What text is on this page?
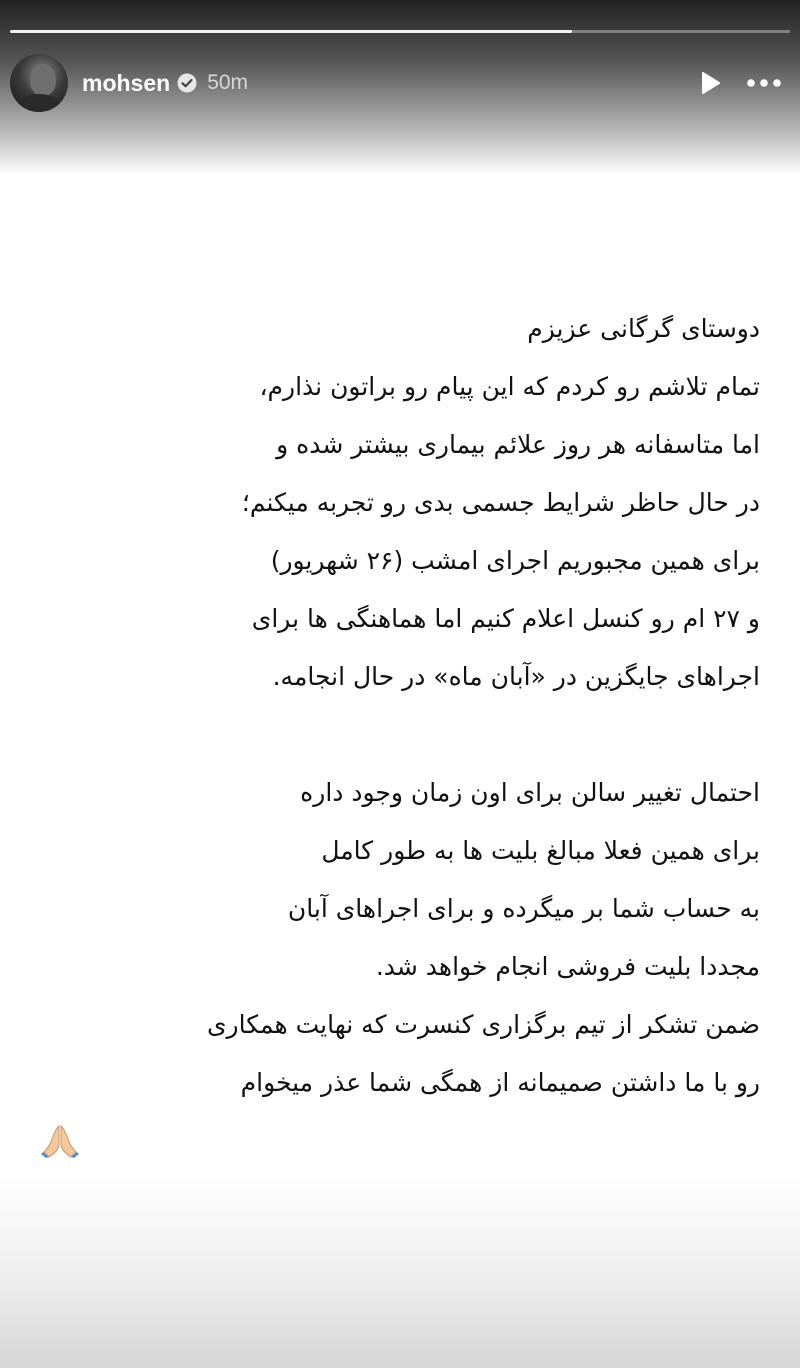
mohsen 50m
دوستای گرگانی عزیزم
تمام تلاشم رو کردم که این پیام رو براتون نذارم،
اما متاسفانه هر روز علائم بیماری بیشتر شده و
در حال حاظر شرایط جسمی بدی رو تجربه میکنم؛
برای همین مجبوریم اجرای امشب (۲۶ شهریور)
و ۲۷ ام رو کنسل اعلام کنیم اما هماهنگی ها برای
اجراهای جایگزین در «آبان ماه» در حال انجامه.
احتمال تغییر سالن برای اون زمان وجود داره
برای همین فعلا مبالغ بلیت ها به طور کامل
به حساب شما بر میگرده و برای اجراهای آبان
مجددا بلیت فروشی انجام خواهد شد.
ضمن تشکر از تیم برگزاری کنسرت که نهایت همکاری
رو با ما داشتن صمیمانه از همگی شما عذر میخوام
